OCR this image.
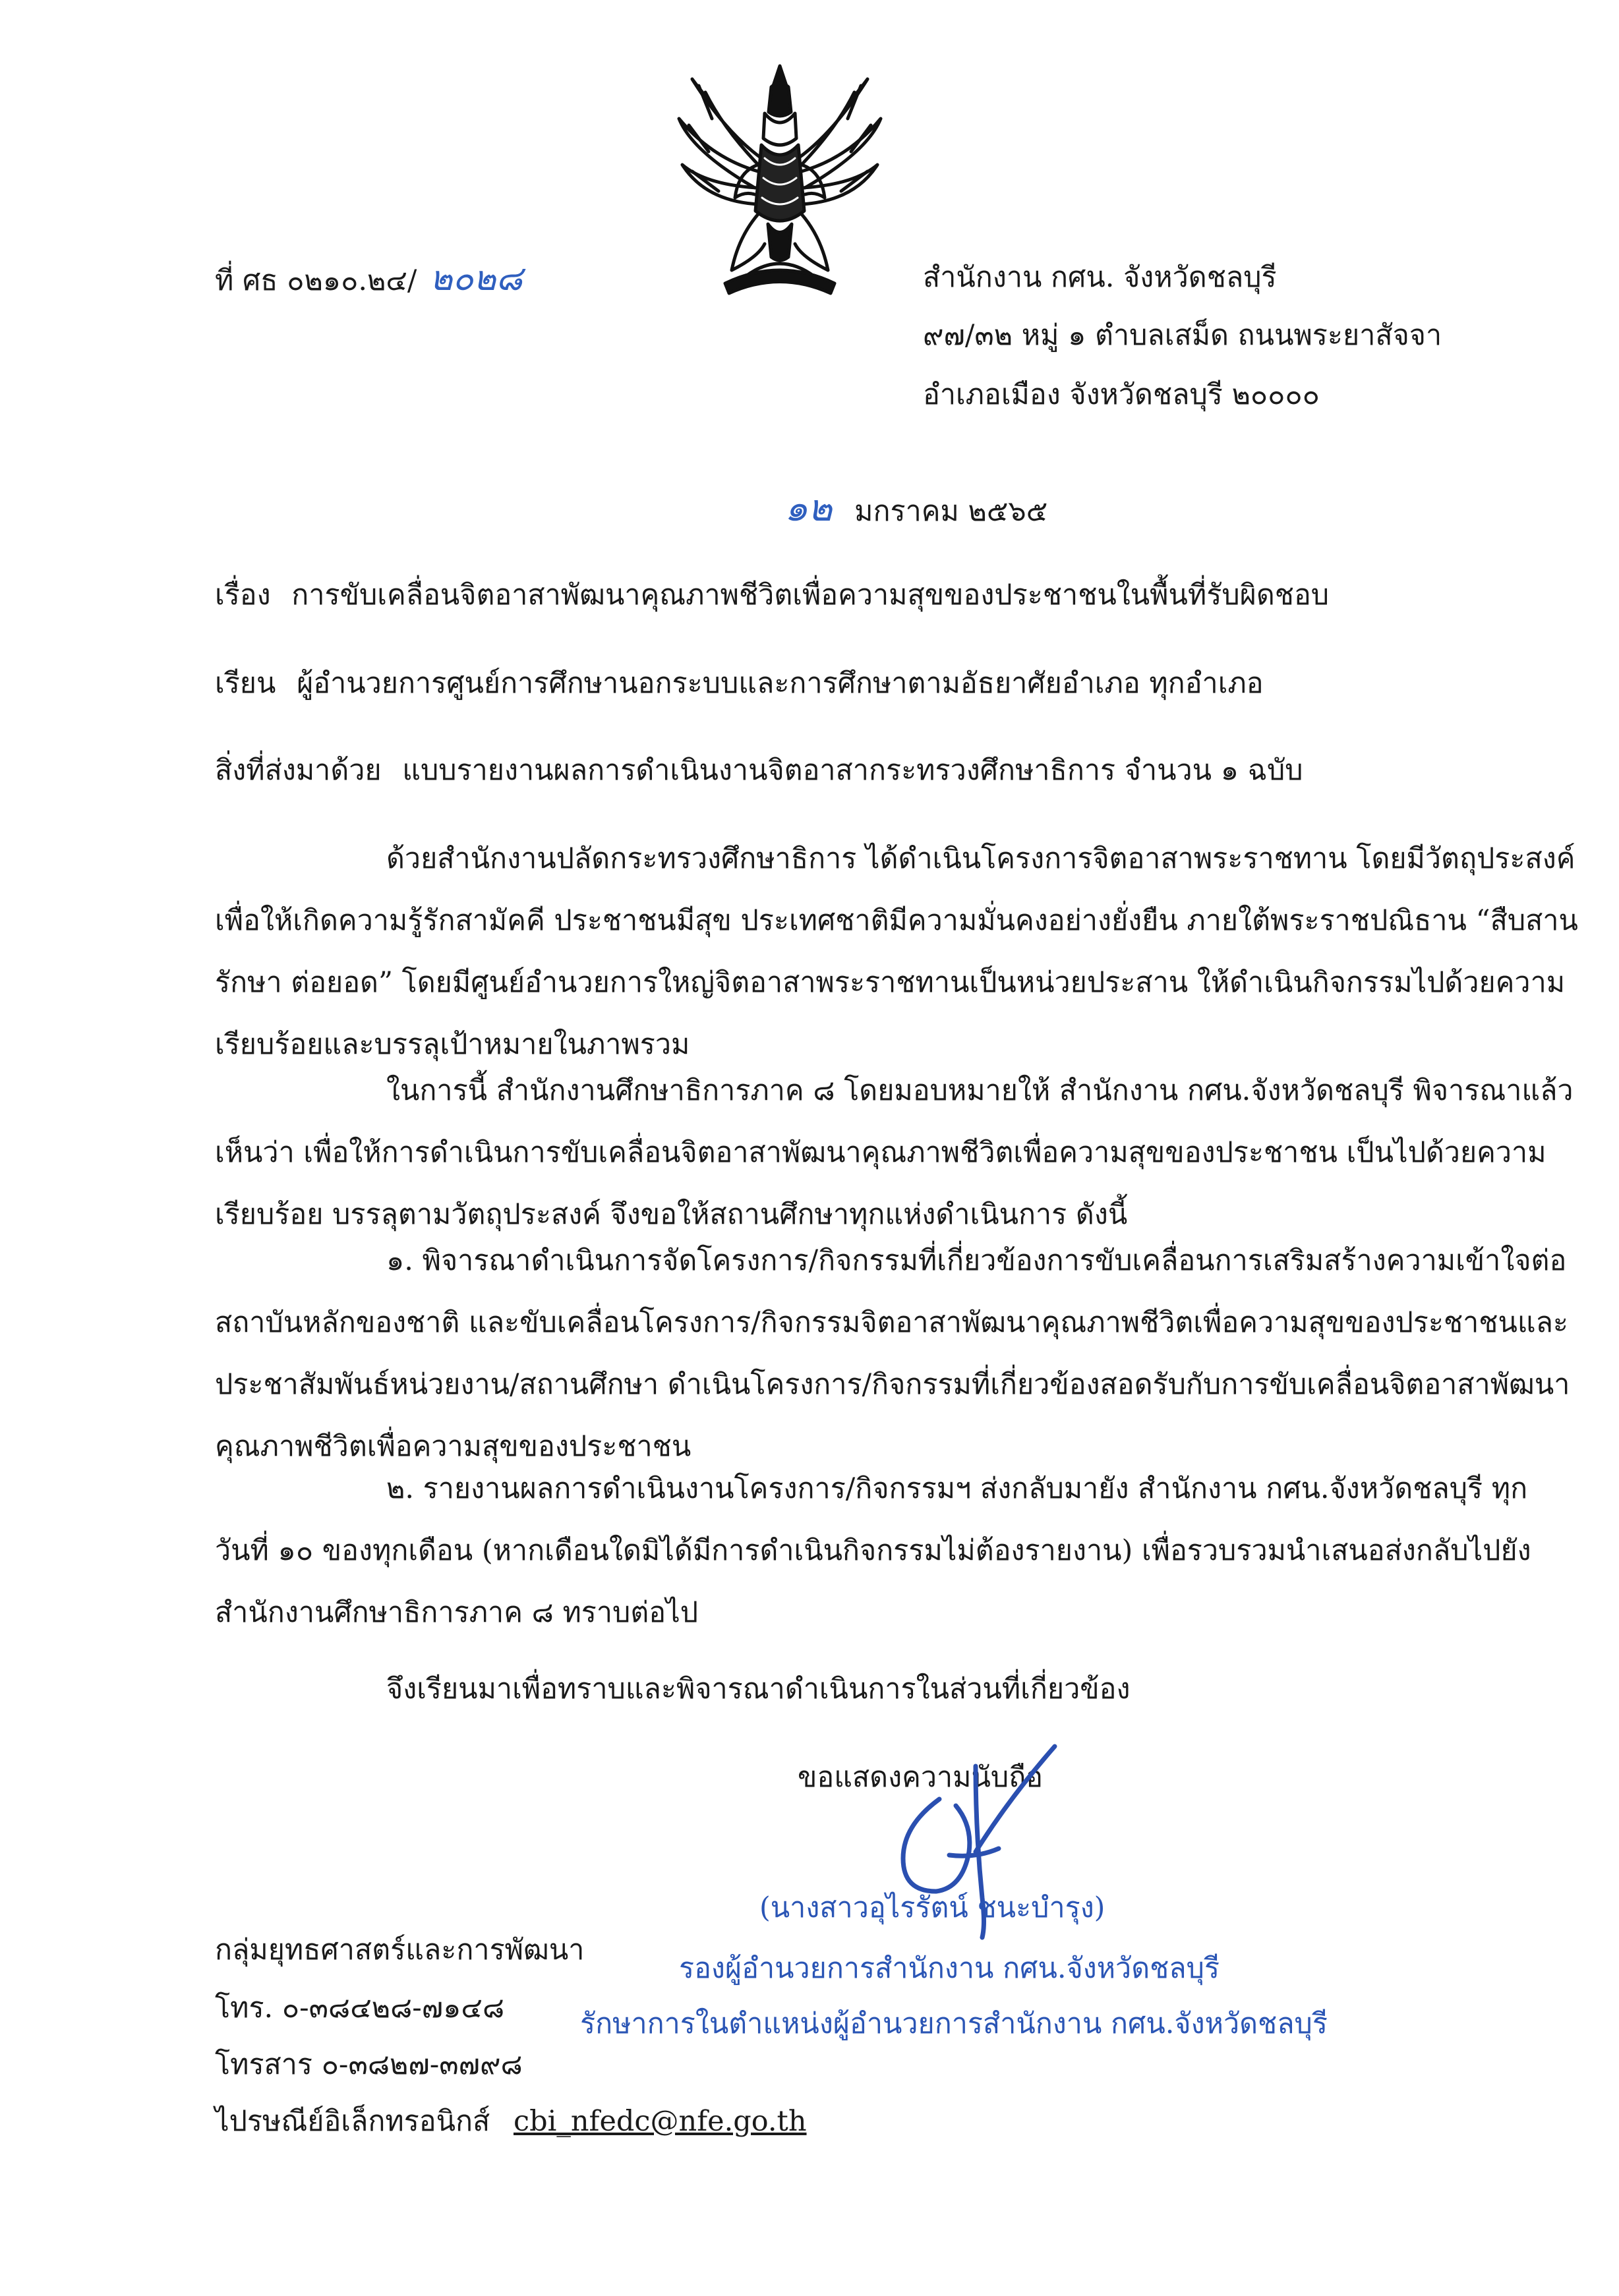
ที่ ศธ ๐๒๑๐.๒๔/ ๒๐๒๘	สำนักงาน กศน. จังหวัดชลบุรี
๙๗/๓๒ หมู่ ๑ ตำบลเสม็ด ถนนพระยาสัจจา
อำเภอเมือง จังหวัดชลบุรี ๒๐๐๐๐
๑๒ มกราคม ๒๕๖๕
เรื่อง การขับเคลื่อนจิตอาสาพัฒนาคุณภาพชีวิตเพื่อความสุขของประชาชนในพื้นที่รับผิดชอบ
เรียน ผู้อำนวยการศูนย์การศึกษานอกระบบและการศึกษาตามอัธยาศัยอำเภอ ทุกอำเภอ
สิ่งที่ส่งมาด้วย แบบรายงานผลการดำเนินงานจิตอาสากระทรวงศึกษาธิการ จำนวน ๑ ฉบับ
ด้วยสำนักงานปลัดกระทรวงศึกษาธิการ ได้ดำเนินโครงการจิตอาสาพระราชทาน โดยมีวัตถุประสงค์
เพื่อให้เกิดความรู้รักสามัคคี ประชาชนมีสุข ประเทศชาติมีความมั่นคงอย่างยั่งยืน ภายใต้พระราชปณิธาน “สืบสาน
รักษา ต่อยอด” โดยมีศูนย์อำนวยการใหญ่จิตอาสาพระราชทานเป็นหน่วยประสาน ให้ดำเนินกิจกรรมไปด้วยความ
เรียบร้อยและบรรลุเป้าหมายในภาพรวม
ในการนี้ สำนักงานศึกษาธิการภาค ๘ โดยมอบหมายให้ สำนักงาน กศน.จังหวัดชลบุรี พิจารณาแล้ว
เห็นว่า เพื่อให้การดำเนินการขับเคลื่อนจิตอาสาพัฒนาคุณภาพชีวิตเพื่อความสุขของประชาชน เป็นไปด้วยความ
เรียบร้อย บรรลุตามวัตถุประสงค์ จึงขอให้สถานศึกษาทุกแห่งดำเนินการ ดังนี้
๑. พิจารณาดำเนินการจัดโครงการ/กิจกรรมที่เกี่ยวข้องการขับเคลื่อนการเสริมสร้างความเข้าใจต่อ
สถาบันหลักของชาติ และขับเคลื่อนโครงการ/กิจกรรมจิตอาสาพัฒนาคุณภาพชีวิตเพื่อความสุขของประชาชนและ
ประชาสัมพันธ์หน่วยงาน/สถานศึกษา ดำเนินโครงการ/กิจกรรมที่เกี่ยวข้องสอดรับกับการขับเคลื่อนจิตอาสาพัฒนา
คุณภาพชีวิตเพื่อความสุขของประชาชน
๒. รายงานผลการดำเนินงานโครงการ/กิจกรรมฯ ส่งกลับมายัง สำนักงาน กศน.จังหวัดชลบุรี ทุก
วันที่ ๑๐ ของทุกเดือน (หากเดือนใดมิได้มีการดำเนินกิจกรรมไม่ต้องรายงาน) เพื่อรวบรวมนำเสนอส่งกลับไปยัง
สำนักงานศึกษาธิการภาค ๘ ทราบต่อไป
จึงเรียนมาเพื่อทราบและพิจารณาดำเนินการในส่วนที่เกี่ยวข้อง
ขอแสดงความนับถือ
(นางสาวอุไรรัตน์ ชนะบำรุง)
รองผู้อำนวยการสำนักงาน กศน.จังหวัดชลบุรี
รักษาการในตำแหน่งผู้อำนวยการสำนักงาน กศน.จังหวัดชลบุรี
กลุ่มยุทธศาสตร์และการพัฒนา
โทร. ๐-๓๘๔๒๘-๗๑๔๘
โทรสาร ๐-๓๘๒๗-๓๗๙๘
ไปรษณีย์อิเล็กทรอนิกส์ cbi_nfedc@nfe.go.th
